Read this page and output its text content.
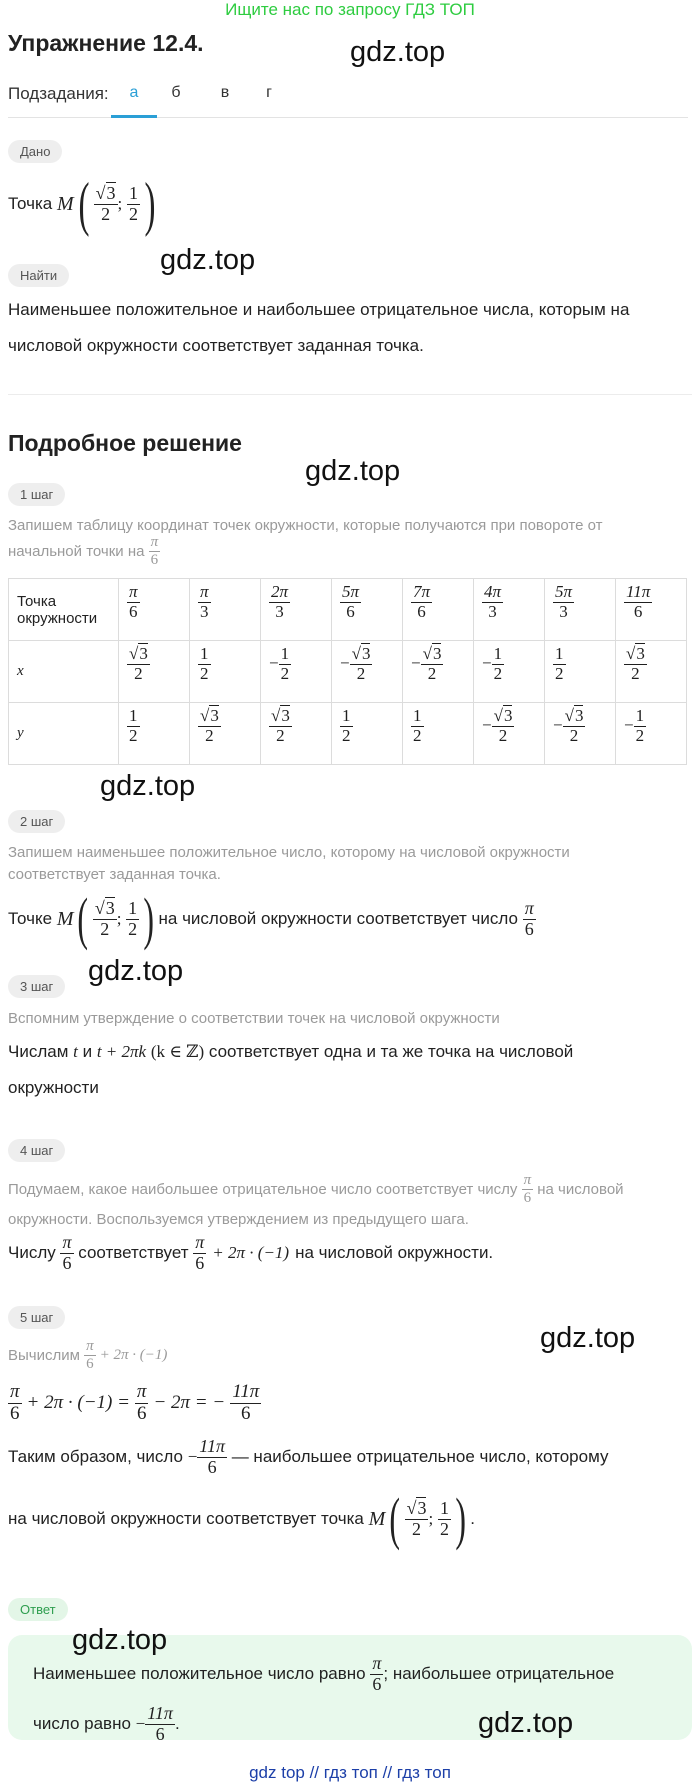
Ищите нас по запросу ГДЗ ТОП
Упражнение 12.4.	gdz.top
Подзадания:	а	б	в	г
Дано
Точка
M ( $\frac{√3}{2}$ ;
$\frac{1}{2}$ )
Найти	gdz.top
Наименьшее положительное и наибольшее отрицательное числа, которым на
числовой окружности соответствует заданная точка.
Подробное решение
gdz.top
1 шаг
Запишем таблицу координат точек окружности, которые получаются при повороте от
начальной точки на
$\frac{\pi}{6}$
Точка окружности	$\frac{\pi}{6}$	$\frac{\pi}{3}$	$\frac{2\pi}{3}$	$\frac{5\pi}{6}$	$\frac{7\pi}{6}$	$\frac{4\pi}{3}$	$\frac{5\pi}{3}$	$\frac{11\pi}{6}$

x	$\frac{√3}{2}$	$\frac{1}{2}$	− $\frac{1}{2}$	− $\frac{√3}{2}$	− $\frac{√3}{2}$	− $\frac{1}{2}$	$\frac{1}{2}$	$\frac{√3}{2}$

y	$\frac{1}{2}$	$\frac{√3}{2}$	$\frac{√3}{2}$	$\frac{1}{2}$	$\frac{1}{2}$	− $\frac{√3}{2}$	− $\frac{√3}{2}$	− $\frac{1}{2}$
gdz.top
2 шаг
Запишем наименьшее положительное число, которому на числовой окружности
соответствует заданная точка.
Точке
M ( $\frac{√3}{2}$ ;
$\frac{1}{2}$ ) на числовой окружности соответствует число
$\frac{\pi}{6}$
gdz.top
3 шаг
Вспомним утверждение о соответствии точек на числовой окружности
Числам t и t + 2πk (k ∈ ℤ) соответствует одна и та же точка на числовой
окружности
4 шаг
Подумаем, какое наибольшее отрицательное число соответствует числу
$\frac{\pi}{6}$
на числовой
окружности. Воспользуемся утверждением из предыдущего шага.
Числу
$\frac{\pi}{6}$
соответствует
$\frac{\pi}{6} + 2\pi \cdot (-1)$ на числовой окружности.
5 шаг
gdz.top
Вычислим
$\frac{\pi}{6} + 2\pi \cdot (-1)$
$\frac{\pi}{6} + 2\pi \cdot (-1) = \frac{\pi}{6} - 2\pi$ = − $\frac{11\pi}{6}$
Таким образом, число
− $\frac{11\pi}{6}$
— наибольшее отрицательное число, которому
на числовой окружности соответствует точка
M ( $\frac{√3}{2}$ ;
$\frac{1}{2}$ ) .
Ответ
gdz.top
Наименьшее положительное число равно
$\frac{\pi}{6}$ ; наибольшее отрицательное
число равно
− $\frac{11\pi}{6}$ .	gdz.top
gdz top // гдз топ // гдз топ
